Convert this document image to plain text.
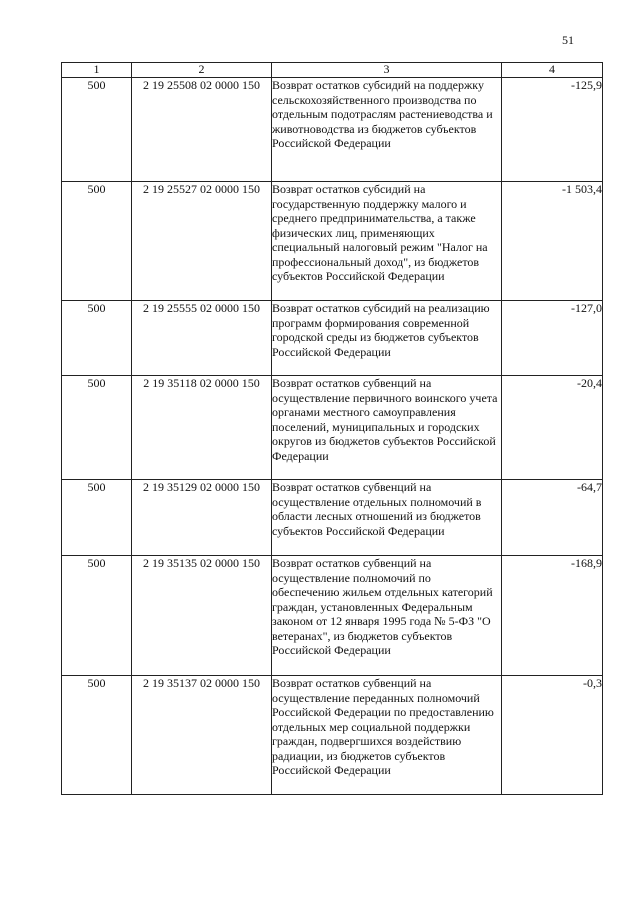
51
1	2	3	4
500	2 19 25508 02 0000 150	Возврат остатков субсидий на поддержку сельскохозяйственного производства по отдельным подотраслям растениеводства и животноводства из бюджетов субъектов Российской Федерации	-125,9
500	2 19 25527 02 0000 150	Возврат остатков субсидий на государственную поддержку малого и среднего предпринимательства, а также физических лиц, применяющих специальный налоговый режим "Налог на профессиональный доход", из бюджетов субъектов Российской Федерации	-1 503,4
500	2 19 25555 02 0000 150	Возврат остатков субсидий на реализацию программ формирования современной городской среды из бюджетов субъектов Российской Федерации	-127,0
500	2 19 35118 02 0000 150	Возврат остатков субвенций на осуществление первичного воинского учета органами местного самоуправления поселений, муниципальных и городских округов из бюджетов субъектов Российской Федерации	-20,4
500	2 19 35129 02 0000 150	Возврат остатков субвенций на осуществление отдельных полномочий в области лесных отношений из бюджетов субъектов Российской Федерации	-64,7
500	2 19 35135 02 0000 150	Возврат остатков субвенций на осуществление полномочий по обеспечению жильем отдельных категорий граждан, установленных Федеральным законом от 12 января 1995 года № 5-ФЗ "О ветеранах", из бюджетов субъектов Российской Федерации	-168,9
500	2 19 35137 02 0000 150	Возврат остатков субвенций на осуществление переданных полномочий Российской Федерации по предоставлению отдельных мер социальной поддержки граждан, подвергшихся воздействию радиации, из бюджетов субъектов Российской Федерации	-0,3
